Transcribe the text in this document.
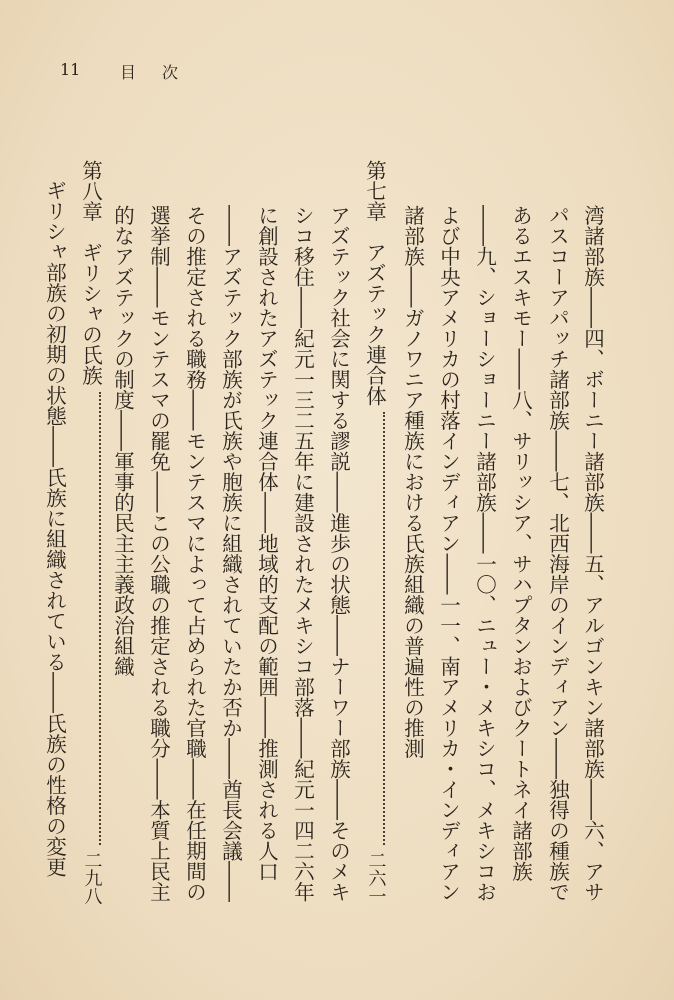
11 目次
湾諸部族――四、ボーニー諸部族――五、アルゴンキン諸部族――六、アサ
パスコーアパッチ諸部族――七、北西海岸のインディアン――独得の種族で
あるエスキモー――八、サリッシア、サハプタンおよびクートネイ諸部族
――九、ショーショーニー諸部族――一〇、ニュー・メキシコ、メキシコお
よび中央アメリカの村落インディアン――一一、南アメリカ・インディアン
諸部族――ガノワニア種族における氏族組織の普遍性の推測
第七章　アズテック連合体
二六一
アズテック社会に関する謬説――進歩の状態――ナーワー部族――そのメキ
シコ移住――紀元一三二五年に建設されたメキシコ部落――紀元一四二六年
に創設されたアズテック連合体――地域的支配の範囲――推測される人口
――アズテック部族が氏族や胞族に組織されていたか否か――酋長会議――
その推定される職務――モンテスマによって占められた官職――在任期間の
選挙制――モンテスマの罷免――この公職の推定される職分――本質上民主
的なアズテックの制度――軍事的民主主義政治組織
第八章　ギリシャの氏族
二九八
ギリシャ部族の初期の状態――氏族に組織されている――氏族の性格の変更
